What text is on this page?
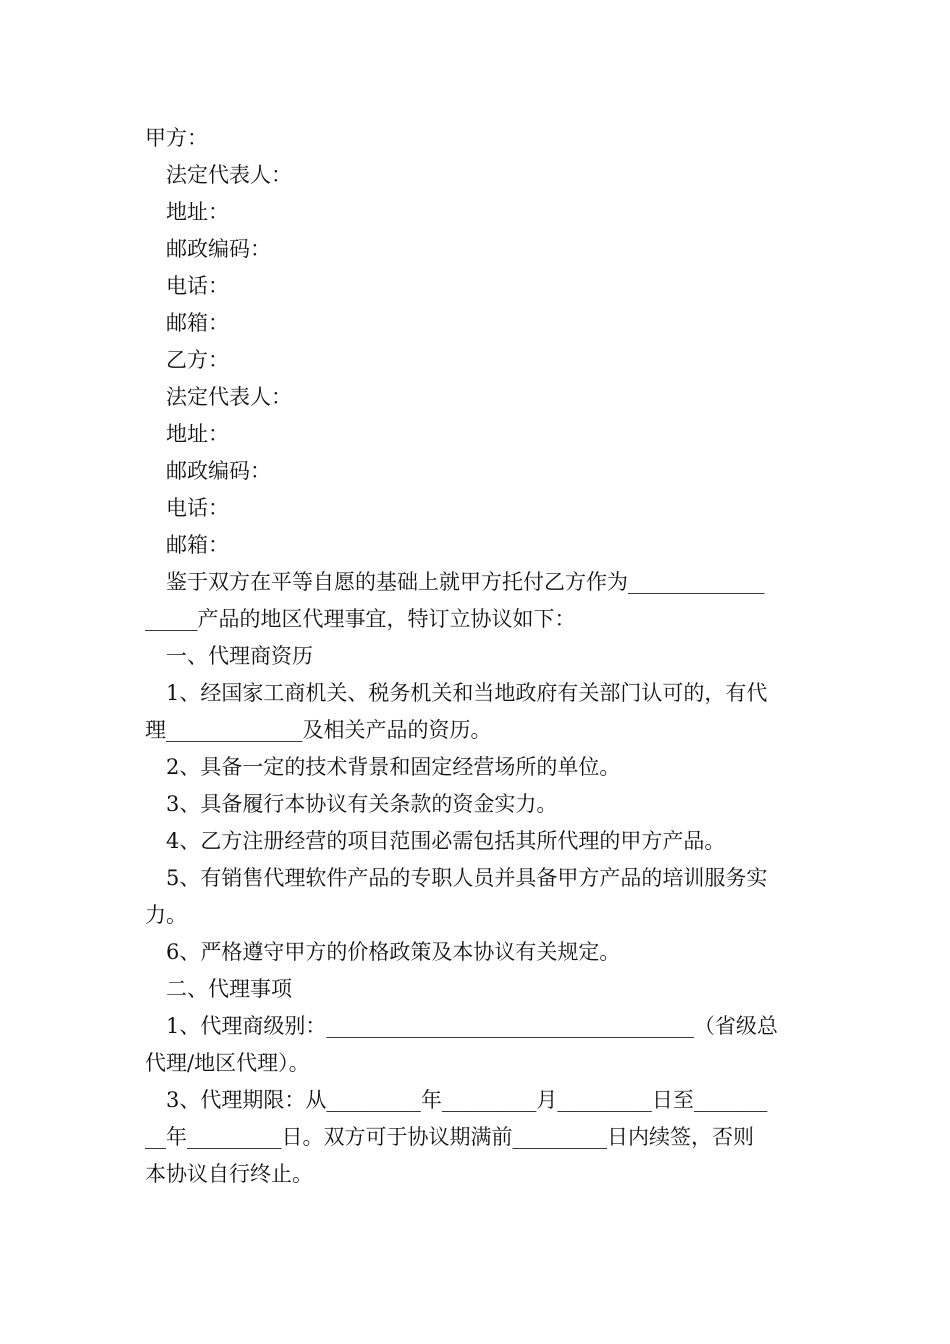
甲方：
法定代表人：
地址：
邮政编码：
电话：
邮箱：
乙方：
法定代表人：
地址：
邮政编码：
电话：
邮箱：
鉴于双方在平等自愿的基础上就甲方托付乙方作为_____________
_____产品的地区代理事宜，特订立协议如下：
一、代理商资历
1、经国家工商机关、税务机关和当地政府有关部门认可的，有代
理_____________及相关产品的资历。
2、具备一定的技术背景和固定经营场所的单位。
3、具备履行本协议有关条款的资金实力。
4、乙方注册经营的项目范围必需包括其所代理的甲方产品。
5、有销售代理软件产品的专职人员并具备甲方产品的培训服务实
力。
6、严格遵守甲方的价格政策及本协议有关规定。
二、代理事项
1、代理商级别：___________________________________（省级总
代理/地区代理）。
3、代理期限：从_________年_________月_________日至_______
__年_________日。双方可于协议期满前_________日内续签，否则
本协议自行终止。
